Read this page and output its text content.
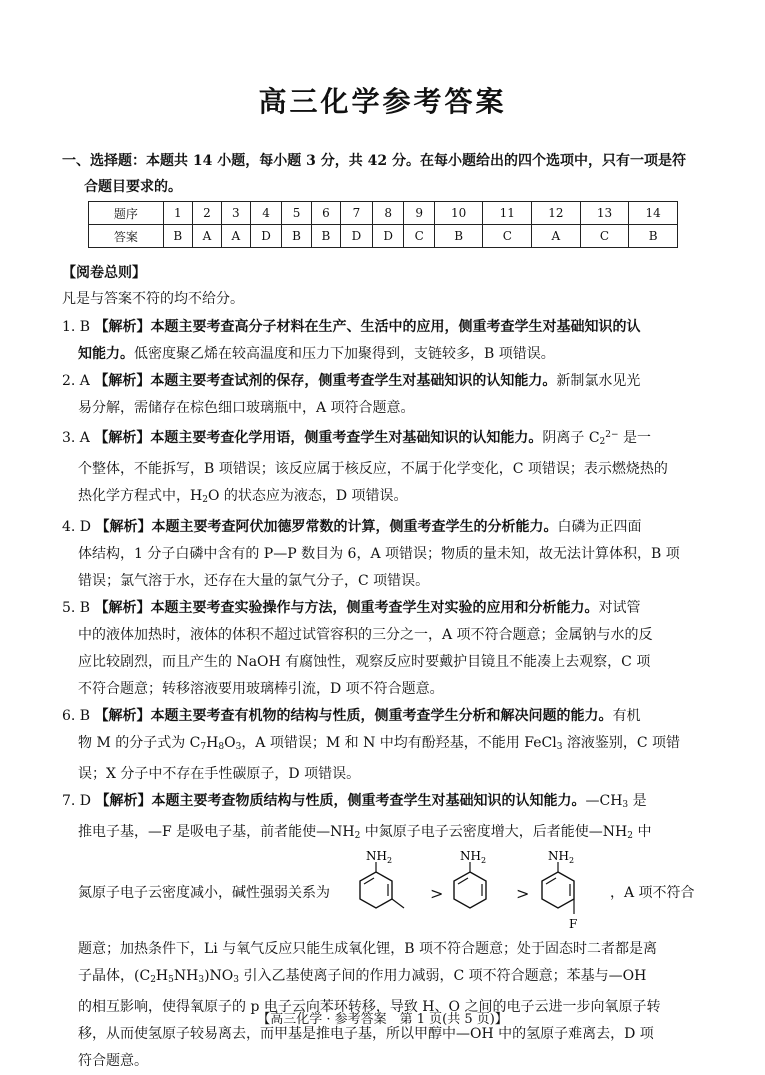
高三化学参考答案
一、选择题：本题共 14 小题，每小题 3 分，共 42 分。在每小题给出的四个选项中，只有一项是符
合题目要求的。
题序	1	2	3	4	5	6	7	8	9	10	11	12	13	14
答案	B	A	A	D	B	B	D	D	C	B	C	A	C	B
【阅卷总则】
凡是与答案不符的均不给分。
1. B 【解析】本题主要考查高分子材料在生产、生活中的应用，侧重考查学生对基础知识的认
知能力。低密度聚乙烯在较高温度和压力下加聚得到，支链较多，B 项错误。
2. A 【解析】本题主要考查试剂的保存，侧重考查学生对基础知识的认知能力。新制氯水见光
易分解，需储存在棕色细口玻璃瓶中，A 项符合题意。
3. A 【解析】本题主要考查化学用语，侧重考查学生对基础知识的认知能力。阴离子 $C_2^{2-}$ 是一
个整体，不能拆写，B 项错误；该反应属于核反应，不属于化学变化，C 项错误；表示燃烧热的
热化学方程式中，$H_2O$ 的状态应为液态，D 项错误。
4. D 【解析】本题主要考查阿伏加德罗常数的计算，侧重考查学生的分析能力。白磷为正四面
体结构，1 分子白磷中含有的 P—P 数目为 6，A 项错误；物质的量未知，故无法计算体积，B 项
错误；氯气溶于水，还存在大量的氯气分子，C 项错误。
5. B 【解析】本题主要考查实验操作与方法，侧重考查学生对实验的应用和分析能力。对试管
中的液体加热时，液体的体积不超过试管容积的三分之一，A 项不符合题意；金属钠与水的反
应比较剧烈，而且产生的 NaOH 有腐蚀性，观察反应时要戴护目镜且不能凑上去观察，C 项
不符合题意；转移溶液要用玻璃棒引流，D 项不符合题意。
6. B 【解析】本题主要考查有机物的结构与性质，侧重考查学生分析和解决问题的能力。有机
物 M 的分子式为 $C_7H_8O_3$，A 项错误；M 和 N 中均有酚羟基，不能用 FeCl$_3$ 溶液鉴别，C 项错
误；X 分子中不存在手性碳原子，D 项错误。
7. D 【解析】本题主要考查物质结构与性质，侧重考查学生对基础知识的认知能力。$—CH_3$ 是
推电子基，—F 是吸电子基，前者能使$—NH_2$ 中氮原子电子云密度增大，后者能使$—NH_2$ 中
氮原子电子云密度减小，碱性强弱关系为
$NH_2$
>
$NH_2$
>
$NH_2$
F
，A 项不符合
题意；加热条件下，Li 与氧气反应只能生成氧化锂，B 项不符合题意；处于固态时二者都是离
子晶体，$(C_2H_5NH_3)NO_3$ 引入乙基使离子间的作用力减弱，C 项不符合题意；苯基与—OH
的相互影响，使得氧原子的 p 电子云向苯环转移，导致 H、O 之间的电子云进一步向氧原子转
移，从而使氢原子较易离去，而甲基是推电子基，所以甲醇中—OH 中的氢原子难离去，D 项
符合题意。
【高三化学 · 参考答案　第 1 页(共 5 页)】
